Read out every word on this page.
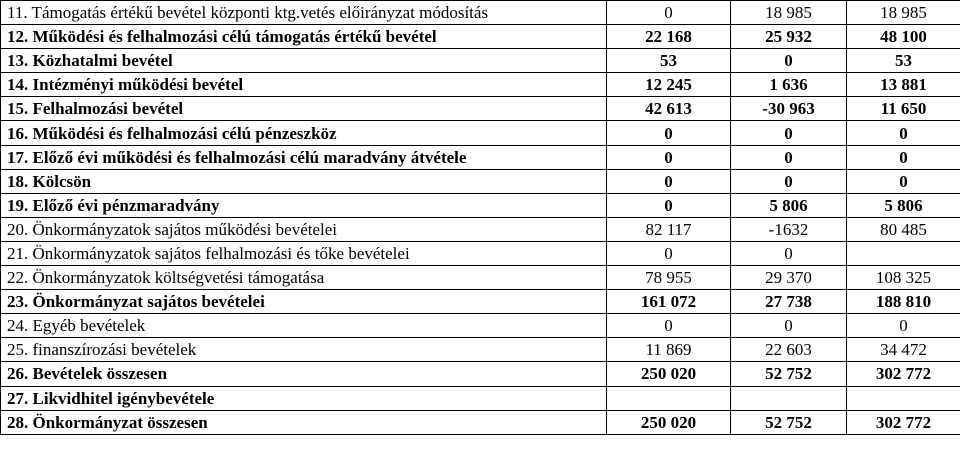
11. Támogatás értékű bevétel központi ktg.vetés előirányzat módosítás	0	18 985	18 985
12. Működési és felhalmozási célú támogatás értékű bevétel	22 168	25 932	48 100
13. Közhatalmi bevétel	53	0	53
14. Intézményi működési bevétel	12 245	1 636	13 881
15. Felhalmozási bevétel	42 613	-30 963	11 650
16. Működési és felhalmozási célú pénzeszköz	0	0	0
17. Előző évi működési és felhalmozási célú maradvány átvétele	0	0	0
18. Kölcsön	0	0	0
19. Előző évi pénzmaradvány	0	5 806	5 806
20. Önkormányzatok sajátos működési bevételei	82 117	-1632	80 485
21. Önkormányzatok sajátos felhalmozási és tőke bevételei	0	0	
22. Önkormányzatok költségvetési támogatása	78 955	29 370	108 325
23. Önkormányzat sajátos bevételei	161 072	27 738	188 810
24. Egyéb bevételek	0	0	0
25. finanszírozási bevételek	11 869	22 603	34 472
26. Bevételek összesen	250 020	52 752	302 772
27. Likvidhitel igénybevétele			
28. Önkormányzat összesen	250 020	52 752	302 772
